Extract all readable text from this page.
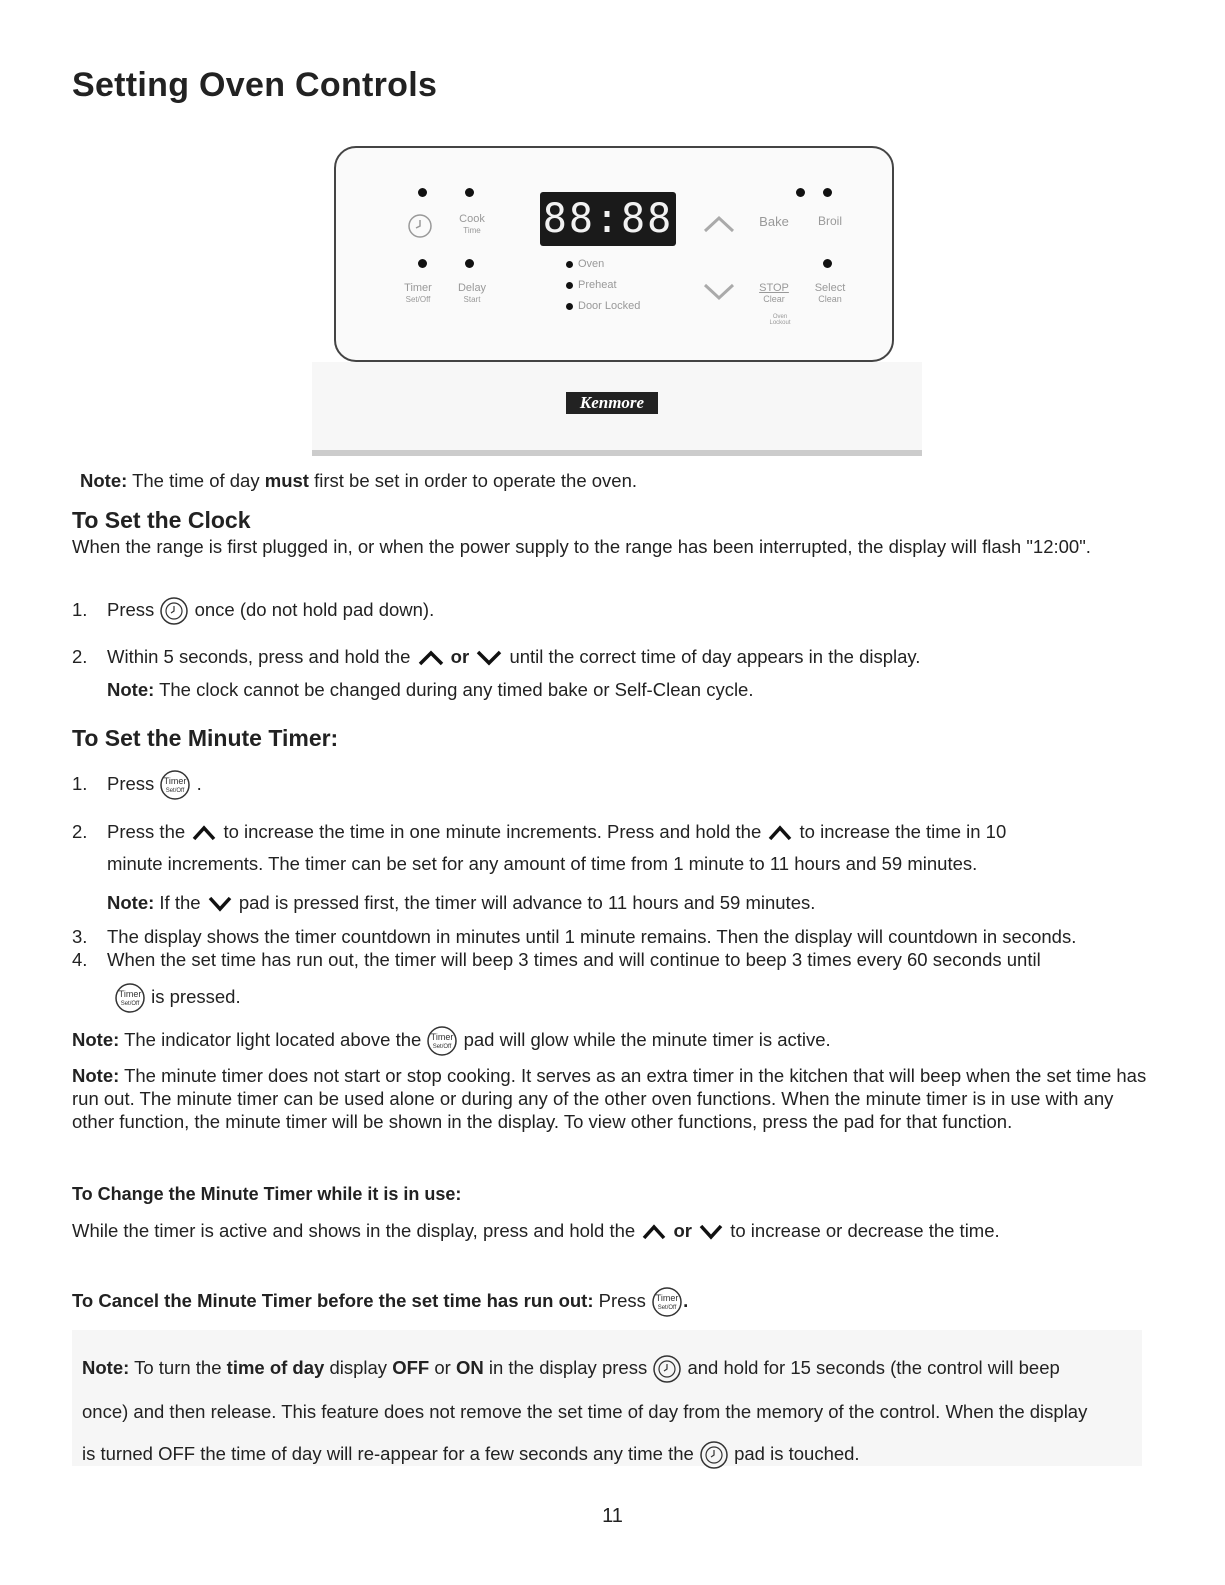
Setting Oven Controls
Cook
Time
Timer
Set/Off
Delay
Start
88:88
Oven
Preheat
Door Locked
Bake	Broil
STOP
Clear
Select
Clean
Oven
Lockout
Kenmore
Note: The time of day must first be set in order to operate the oven.
To Set the Clock
When the range is first plugged in, or when the power supply to the range has been interrupted, the display will flash "12:00".
1. Press once (do not hold pad down).
2. Within 5 seconds, press and hold the or until the correct time of day appears in the display.
Note: The clock cannot be changed during any timed bake or Self-Clean cycle.
To Set the Minute Timer:
1. Press Timer
Set/Off .
2. Press the to increase the time in one minute increments. Press and hold the to increase the time in 10
minute increments. The timer can be set for any amount of time from 1 minute to 11 hours and 59 minutes.
Note: If the pad is pressed first, the timer will advance to 11 hours and 59 minutes.
3. The display shows the timer countdown in minutes until 1 minute remains. Then the display will countdown in seconds.
4. When the set time has run out, the timer will beep 3 times and will continue to beep 3 times every 60 seconds until
Timer
Set/Off is pressed.
Note: The indicator light located above the Timer
Set/Off pad will glow while the minute timer is active.
Note: The minute timer does not start or stop cooking. It serves as an extra timer in the kitchen that will beep when the set time has run out. The minute timer can be used alone or during any of the other oven functions. When the minute timer is in use with any other function, the minute timer will be shown in the display. To view other functions, press the pad for that function.
To Change the Minute Timer while it is in use:
While the timer is active and shows in the display, press and hold the or to increase or decrease the time.
To Cancel the Minute Timer before the set time has run out: Press Timer
Set/Off .
Note: To turn the time of day display OFF or ON in the display press and hold for 15 seconds (the control will beep
once) and then release. This feature does not remove the set time of day from the memory of the control. When the display
is turned OFF the time of day will re-appear for a few seconds any time the pad is touched.
11
